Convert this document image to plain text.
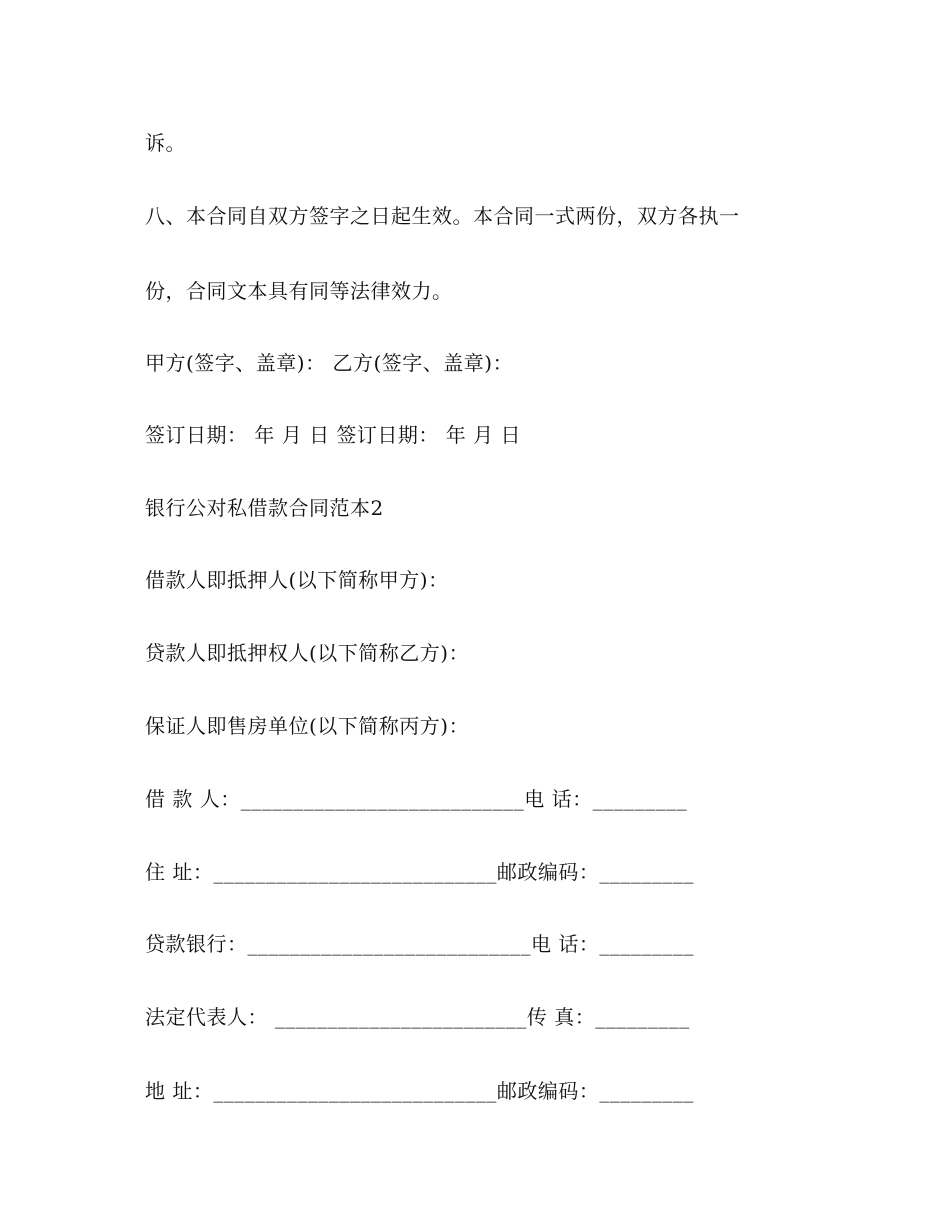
诉。
八、本合同自双方签字之日起生效。本合同一式两份，双方各执一
份，合同文本具有同等法律效力。
甲方(签字、盖章)： 乙方(签字、盖章)：
签订日期： 年 月 日 签订日期： 年 月 日
银行公对私借款合同范本2
借款人即抵押人(以下简称甲方)：
贷款人即抵押权人(以下简称乙方)：
保证人即售房单位(以下简称丙方)：
借 款 人：___________________________电 话：_________
住 址：___________________________邮政编码：_________
贷款银行：___________________________电 话：_________
法定代表人： ________________________传 真：_________
地 址：___________________________邮政编码：_________
